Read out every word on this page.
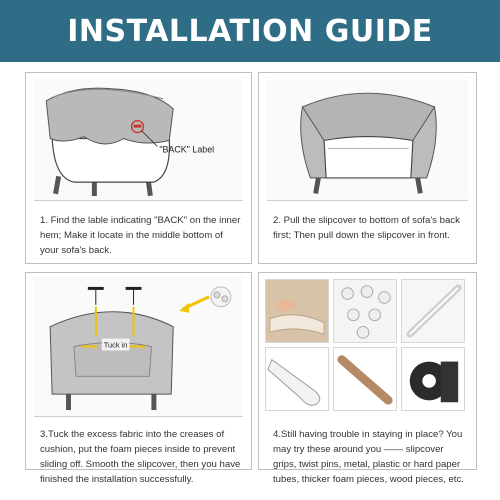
INSTALLATION GUIDE
"BACK" Label
1. Find the lable indicating "BACK" on the inner hem; Make it locate in the middle bottom of your sofa's back.
2. Pull the slipcover to bottom of sofa's back first; Then pull down the slipcover in front.
Tuck in
3.Tuck the excess fabric into the creases of cushion, put the foam pieces inside to prevent sliding off. Smooth the slipcover, then you have finished the installation successfully.
4.Still having trouble in staying in place? You may try these around you —— slipcover grips, twist pins, metal, plastic or hard paper tubes, thicker foam pieces, wood pieces, etc.
